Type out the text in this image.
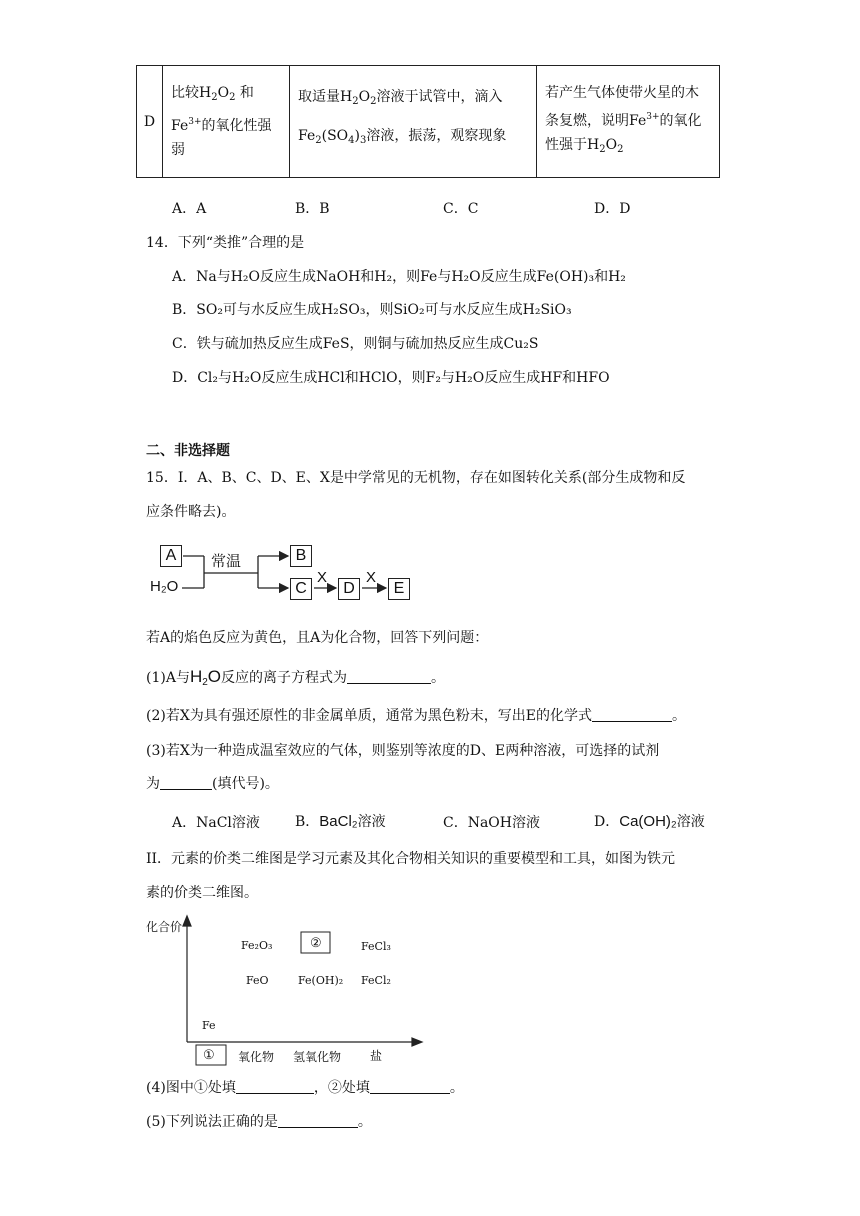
D	
比较$H_2O_2$ 和
$Fe^{3+}$的氧化性强
弱

取适量$H_2O_2$溶液于试管中，滴入
$Fe_2(SO_4)_3$溶液，振荡，观察现象

若产生气体使带火星的木
条复燃，说明$Fe^{3+}$的氧化
性强于$H_2O_2$
A．A	B．B	C．C	D．D
14．下列“类推”合理的是
A．Na与H₂O反应生成NaOH和H₂，则Fe与H₂O反应生成Fe(OH)₃和H₂
B．SO₂可与水反应生成H₂SO₃，则SiO₂可与水反应生成H₂SiO₃
C．铁与硫加热反应生成FeS，则铜与硫加热反应生成Cu₂S
D．Cl₂与H₂O反应生成HCl和HClO，则F₂与H₂O反应生成HF和HFO
二、非选择题
15．I．A、B、C、D、E、X是中学常见的无机物，存在如图转化关系(部分生成物和反
应条件略去)。
A
H₂O
常温	B
C
X
D
X
E
若A的焰色反应为黄色，且A为化合物，回答下列问题：
(1)A与$H_2O$反应的离子方程式为	。
(2)若X为具有强还原性的非金属单质，通常为黑色粉末，写出E的化学式	。
(3)若X为一种造成温室效应的气体，则鉴别等浓度的D、E两种溶液，可选择的试剂
为	(填代号)。
A．NaCl溶液	B．BaCl₂溶液	C．NaOH溶液	D．Ca(OH)₂溶液
II．元素的价类二维图是学习元素及其化合物相关知识的重要模型和工具，如图为铁元
素的价类二维图。
化合价
Fe₂O₃	②	FeCl₃
FeO	Fe(OH)₂ FeCl₂
Fe
① 氧化物 氢氧化物 盐
(4)图中①处填	，②处填	。
(5)下列说法正确的是	。
